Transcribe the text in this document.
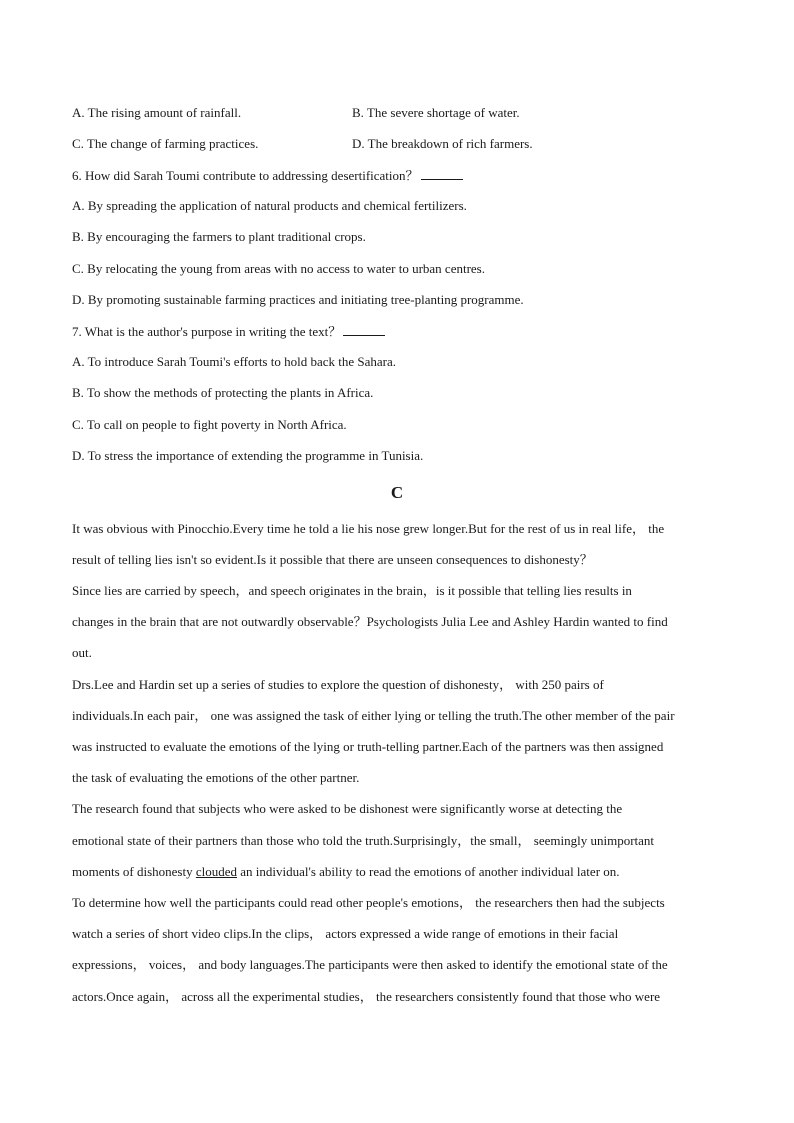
A. The rising amount of rainfall.	B. The severe shortage of water.
C. The change of farming practices.	D. The breakdown of rich farmers.
6. How did Sarah Toumi contribute to addressing desertification？
A. By spreading the application of natural products and chemical fertilizers.
B. By encouraging the farmers to plant traditional crops.
C. By relocating the young from areas with no access to water to urban centres.
D. By promoting sustainable farming practices and initiating tree-planting programme.
7. What is the author's purpose in writing the text？
A. To introduce Sarah Toumi's efforts to hold back the Sahara.
B. To show the methods of protecting the plants in Africa.
C. To call on people to fight poverty in North Africa.
D. To stress the importance of extending the programme in Tunisia.
C
It was obvious with Pinocchio.Every time he told a lie his nose grew longer.But for the rest of us in real life， the
result of telling lies isn't so evident.Is it possible that there are unseen consequences to dishonesty？
Since lies are carried by speech，and speech originates in the brain，is it possible that telling lies results in
changes in the brain that are not outwardly observable？Psychologists Julia Lee and Ashley Hardin wanted to find
out.
Drs.Lee and Hardin set up a series of studies to explore the question of dishonesty， with 250 pairs of
individuals.In each pair， one was assigned the task of either lying or telling the truth.The other member of the pair
was instructed to evaluate the emotions of the lying or truth-telling partner.Each of the partners was then assigned
the task of evaluating the emotions of the other partner.
The research found that subjects who were asked to be dishonest were significantly worse at detecting the
emotional state of their partners than those who told the truth.Surprisingly，the small， seemingly unimportant
moments of dishonesty clouded an individual's ability to read the emotions of another individual later on.
To determine how well the participants could read other people's emotions， the researchers then had the subjects
watch a series of short video clips.In the clips， actors expressed a wide range of emotions in their facial
expressions， voices， and body languages.The participants were then asked to identify the emotional state of the
actors.Once again， across all the experimental studies， the researchers consistently found that those who were
